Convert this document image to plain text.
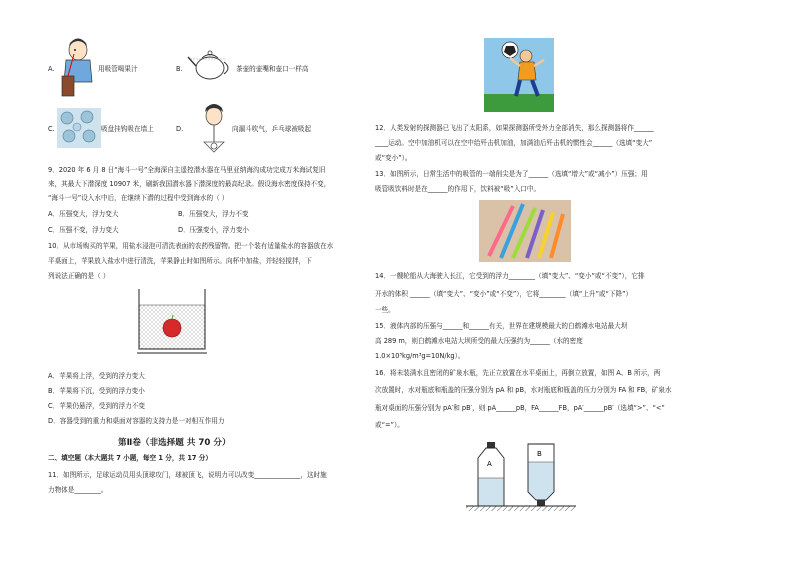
A.	用吸管喝果汁	B.	茶壶的壶嘴和壶口一样高
C.	吸盘挂钩吸在墙上	D.	向漏斗吹气，乒乓球被吸起
9．2020 年 6 月 8 日“海斗一号”全海深自主遥控潜水器在马里亚纳海沟成功完成万米海试复旧
来，其最大下潜深度 10907 米，刷新我国潜水器下潜深度的最高纪录。假设海水密度保持不变，
“海斗一号”设入水中后，在继续下潜的过程中受到海水的（ ）
A．压强变大，浮力变大	B．压强变大，浮力不变
C．压强不变，浮力变大	D．压强变小，浮力变小
10．从市场购买的苹果，用盐水浸泡可清洗表面的农药残留物。把一个装有适量盐水的容器放在水
平桌面上，苹果放入盐水中进行清洗，苹果静止时如图所示。向杯中加盐，并轻轻搅拌，下
列说法正确的是（ ）
A．苹果将上浮，受到的浮力变大
B．苹果将下沉，受到的浮力变小
C．苹果仍悬浮，受到的浮力不变
D．容器受到的重力和桌面对容器的支持力是一对相互作用力
第Ⅱ卷（非选择题 共 70 分）
二、填空题（本大题共 7 小题，每空 1 分，共 17 分）
11．如图所示，足球运动员用头顶球攻门，球被顶飞，说明力可以改变______________，这时施
力物体是________。
12．人类发射的探测器已飞出了太阳系，如果探测器所受外力全部消失，那么探测器将作______
____运动。空中加油机可以在空中给歼击机加油，加满油后歼击机的惯性会______（选填“变大”
或“变小”）。
13．如图所示，日常生活中的吸管的一端削尖是为了______（选填“增大”或“减小”）压强；用
吸管吸饮料时是在______的作用下，饮料被“吸”入口中。
14．一艘轮船从大海驶入长江，它受到的浮力________（填“变大”、“变小”或“不变”），它排
开水的体积 ______（填“变大”、“变小”或“不变”），它将________（填“上升”或“下降”）
一些。
15．液体内部的压强与______和______有关，世界在建规模最大的白鹤滩水电站最大坝
高 289 m，则白鹤滩水电站大坝所受的最大压强约为______（水的密度
1.0×10³kg/m³g=10N/kg）。
16．将未装满水且密闭的矿泉水瓶，先正立放置在水平桌面上，再倒立放置，如图 A、B 所示，两
次放置时，水对瓶底和瓶盖的压强分别为 pA 和 pB，水对瓶底和瓶盖的压力分别为 FA 和 FB，矿泉水
瓶对桌面的压强分别为 pA′和 pB′，则 pA______pB，FA______FB，pA′______pB′（选填“>”、“<”
或“=”）。
A
B
